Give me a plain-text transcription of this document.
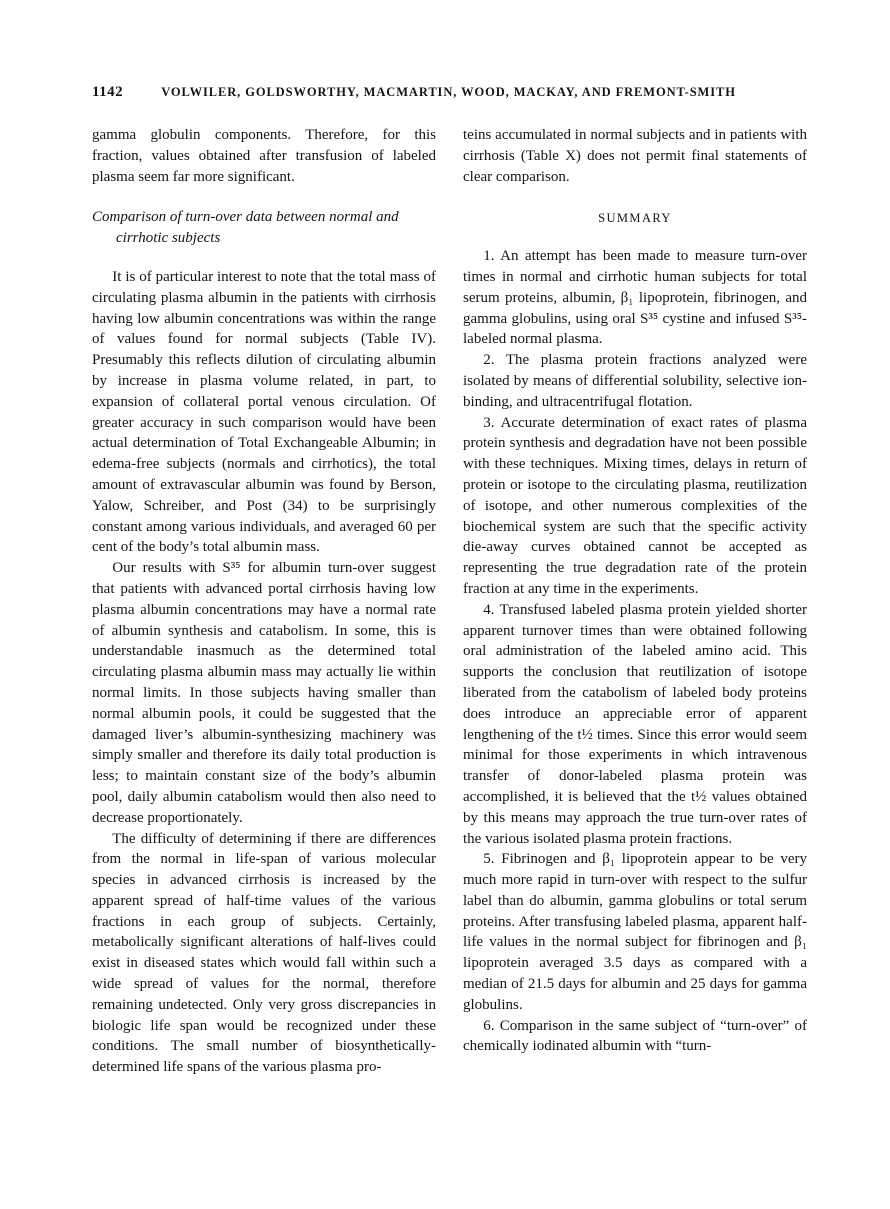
1142	VOLWILER, GOLDSWORTHY, MACMARTIN, WOOD, MACKAY, AND FREMONT-SMITH

gamma globulin components. Therefore, for this fraction, values obtained after transfusion of labeled plasma seem far more significant.

Comparison of turn-over data between normal and cirrhotic subjects

It is of particular interest to note that the total mass of circulating plasma albumin in the patients with cirrhosis having low albumin concentrations was within the range of values found for normal subjects (Table IV). Presumably this reflects dilution of circulating albumin by increase in plasma volume related, in part, to expansion of collateral portal venous circulation. Of greater accuracy in such comparison would have been actual determination of Total Exchangeable Albumin; in edema-free subjects (normals and cirrhotics), the total amount of extravascular albumin was found by Berson, Yalow, Schreiber, and Post (34) to be surprisingly constant among various individuals, and averaged 60 per cent of the body’s total albumin mass.

Our results with S³⁵ for albumin turn-over suggest that patients with advanced portal cirrhosis having low plasma albumin concentrations may have a normal rate of albumin synthesis and catabolism. In some, this is understandable inasmuch as the determined total circulating plasma albumin mass may actually lie within normal limits. In those subjects having smaller than normal albumin pools, it could be suggested that the damaged liver’s albumin-synthesizing machinery was simply smaller and therefore its daily total production is less; to maintain constant size of the body’s albumin pool, daily albumin catabolism would then also need to decrease proportionately.

The difficulty of determining if there are differences from the normal in life-span of various molecular species in advanced cirrhosis is increased by the apparent spread of half-time values of the various fractions in each group of subjects. Certainly, metabolically significant alterations of half-lives could exist in diseased states which would fall within such a wide spread of values for the normal, therefore remaining undetected. Only very gross discrepancies in biologic life span would be recognized under these conditions. The small number of biosynthetically-determined life spans of the various plasma pro-

teins accumulated in normal subjects and in patients with cirrhosis (Table X) does not permit final statements of clear comparison.

SUMMARY

1. An attempt has been made to measure turn-over times in normal and cirrhotic human subjects for total serum proteins, albumin, β₁ lipoprotein, fibrinogen, and gamma globulins, using oral S³⁵ cystine and infused S³⁵-labeled normal plasma.

2. The plasma protein fractions analyzed were isolated by means of differential solubility, selective ion-binding, and ultracentrifugal flotation.

3. Accurate determination of exact rates of plasma protein synthesis and degradation have not been possible with these techniques. Mixing times, delays in return of protein or isotope to the circulating plasma, reutilization of isotope, and other numerous complexities of the biochemical system are such that the specific activity die-away curves obtained cannot be accepted as representing the true degradation rate of the protein fraction at any time in the experiments.

4. Transfused labeled plasma protein yielded shorter apparent turnover times than were obtained following oral administration of the labeled amino acid. This supports the conclusion that reutilization of isotope liberated from the catabolism of labeled body proteins does introduce an appreciable error of apparent lengthening of the t½ times. Since this error would seem minimal for those experiments in which intravenous transfer of donor-labeled plasma protein was accomplished, it is believed that the t½ values obtained by this means may approach the true turn-over rates of the various isolated plasma protein fractions.

5. Fibrinogen and β₁ lipoprotein appear to be very much more rapid in turn-over with respect to the sulfur label than do albumin, gamma globulins or total serum proteins. After transfusing labeled plasma, apparent half-life values in the normal subject for fibrinogen and β₁ lipoprotein averaged 3.5 days as compared with a median of 21.5 days for albumin and 25 days for gamma globulins.

6. Comparison in the same subject of “turn-over” of chemically iodinated albumin with “turn-
